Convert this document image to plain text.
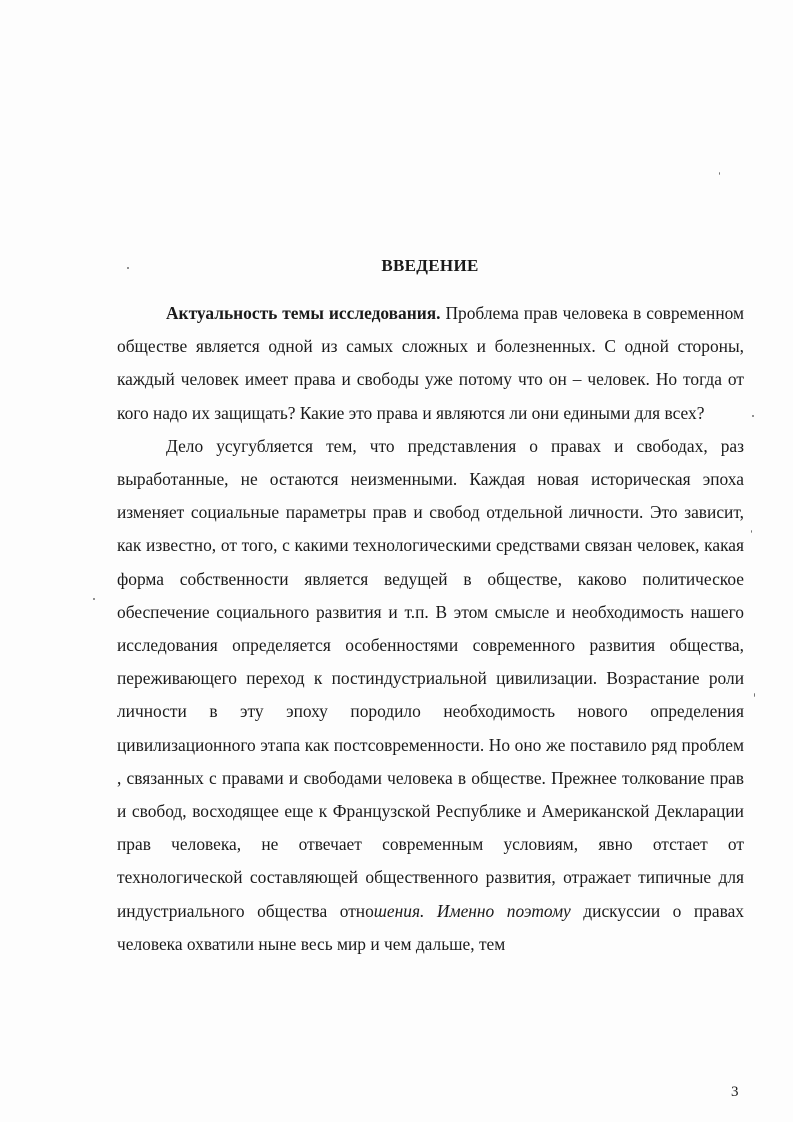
ВВЕДЕНИЕ

Актуальность темы исследования. Проблема прав человека в современном обществе является одной из самых сложных и болезненных. С одной стороны, каждый человек имеет права и свободы уже потому что он – человек. Но тогда от кого надо их защищать? Какие это права и являются ли они едиными для всех?

Дело усугубляется тем, что представления о правах и свободах, раз выработанные, не остаются неизменными. Каждая новая историческая эпоха изменяет социальные параметры прав и свобод отдельной личности. Это зависит, как известно, от того, с какими технологическими средствами связан человек, какая форма собственности является ведущей в обществе, каково политическое обеспечение социального развития и т.п. В этом смысле и необходимость нашего исследования определяется особенностями современного развития общества, переживающего переход к постиндустриальной цивилизации. Возрастание роли личности в эту эпоху породило необходимость нового определения цивилизационного этапа как постсовременности. Но оно же поставило ряд проблем , связанных с правами и свободами человека в обществе. Прежнее толкование прав и свобод, восходящее еще к Французской Республике и Американской Декларации прав человека, не отвечает современным условиям, явно отстает от технологической составляющей общественного развития, отражает типичные для индустриального общества отношения. Именно поэтому дискуссии о правах человека охватили ныне весь мир и чем дальше, тем

3
